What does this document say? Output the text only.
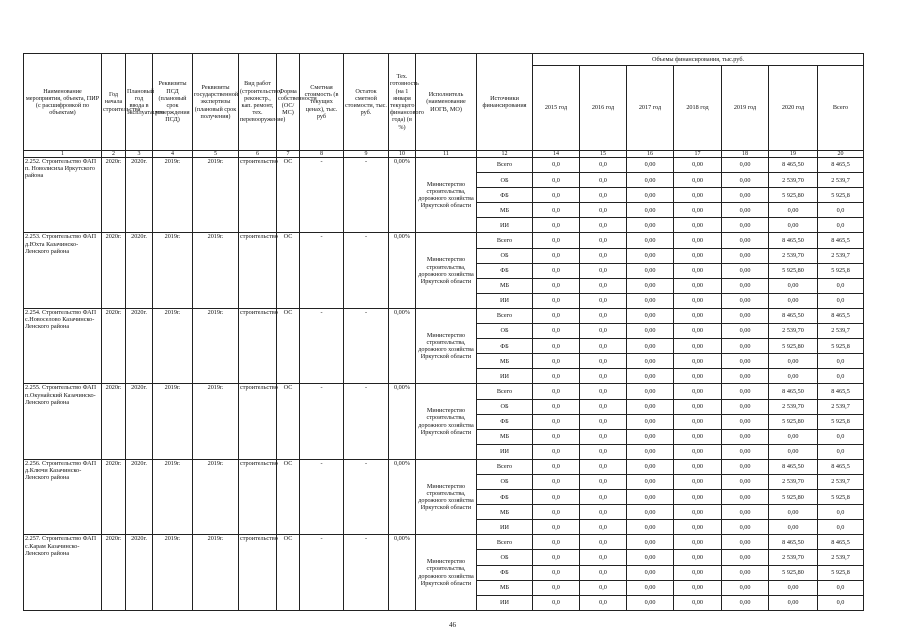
Наименование мероприятия, объекта, ПИР (с расшифровкой по объектам)	Год начала строительства	Плановый год ввода в эксплуатацию	Реквизиты ПСД (плановый срок утверждения ПСД)	Реквизиты государственной экспертизы (плановый срок получения)	Вид работ (строительство, реконстр., кап. ремонт, тех. перевооружение)	Форма собственности (ОС/МС)	Сметная стоимость (в текущих ценах), тыс. руб	Остаток сметной стоимости, тыс. руб.	Тех. готовность (на 1 января текущего финансового года) (в %)	Исполнитель (наименование ИОГВ, МО)	Источники финансирования	Объемы финансирования, тыс.руб.						
												2015 год	2016 год	2017 год	2018 год	2019 год	2020 год	Всего
1	2	3	4	5	6	7	8	9	10	11	12	14	15	16	17	18	19	20
2.252. Строительство ФАП п. Новолисиха Иркутского района	2020г.	2020г.	2019г.	2019г.	строительство	ОС	-	-	0,00%	Министерство строительства, дорожного хозяйства Иркутской области	Всего	0,0	0,0	0,00	0,00	0,00	8 465,50	8 465,5
											ОБ	0,0	0,0	0,00	0,00	0,00	2 539,70	2 539,7
											ФБ	0,0	0,0	0,00	0,00	0,00	5 925,80	5 925,8
											МБ	0,0	0,0	0,00	0,00	0,00	0,00	0,0
											ИИ	0,0	0,0	0,00	0,00	0,00	0,00	0,0
2.253. Строительство ФАП д.Юхта Казачинско-Ленского района	2020г.	2020г.	2019г.	2019г.	строительство	ОС	-	-	0,00%	Министерство строительства, дорожного хозяйства Иркутской области	Всего	0,0	0,0	0,00	0,00	0,00	8 465,50	8 465,5
											ОБ	0,0	0,0	0,00	0,00	0,00	2 539,70	2 539,7
											ФБ	0,0	0,0	0,00	0,00	0,00	5 925,80	5 925,8
											МБ	0,0	0,0	0,00	0,00	0,00	0,00	0,0
											ИИ	0,0	0,0	0,00	0,00	0,00	0,00	0,0
2.254. Строительство ФАП с.Новоселово Казачинско-Ленского района	2020г.	2020г.	2019г.	2019г.	строительство	ОС	-	-	0,00%	Министерство строительства, дорожного хозяйства Иркутской области	Всего	0,0	0,0	0,00	0,00	0,00	8 465,50	8 465,5
											ОБ	0,0	0,0	0,00	0,00	0,00	2 539,70	2 539,7
											ФБ	0,0	0,0	0,00	0,00	0,00	5 925,80	5 925,8
											МБ	0,0	0,0	0,00	0,00	0,00	0,00	0,0
											ИИ	0,0	0,0	0,00	0,00	0,00	0,00	0,0
2.255. Строительство ФАП п.Окунайский Казачинско-Ленского района	2020г.	2020г.	2019г.	2019г.	строительство	ОС	-	-	0,00%	Министерство строительства, дорожного хозяйства Иркутской области	Всего	0,0	0,0	0,00	0,00	0,00	8 465,50	8 465,5
											ОБ	0,0	0,0	0,00	0,00	0,00	2 539,70	2 539,7
											ФБ	0,0	0,0	0,00	0,00	0,00	5 925,80	5 925,8
											МБ	0,0	0,0	0,00	0,00	0,00	0,00	0,0
											ИИ	0,0	0,0	0,00	0,00	0,00	0,00	0,0
2.256. Строительство ФАП д.Ключи Казачинско-Ленского района	2020г.	2020г.	2019г.	2019г.	строительство	ОС	-	-	0,00%	Министерство строительства, дорожного хозяйства Иркутской области	Всего	0,0	0,0	0,00	0,00	0,00	8 465,50	8 465,5
											ОБ	0,0	0,0	0,00	0,00	0,00	2 539,70	2 539,7
											ФБ	0,0	0,0	0,00	0,00	0,00	5 925,80	5 925,8
											МБ	0,0	0,0	0,00	0,00	0,00	0,00	0,0
											ИИ	0,0	0,0	0,00	0,00	0,00	0,00	0,0
2.257. Строительство ФАП с.Карам Казачинско-Ленского района	2020г.	2020г.	2019г.	2019г.	строительство	ОС	-	-	0,00%	Министерство строительства, дорожного хозяйства Иркутской области	Всего	0,0	0,0	0,00	0,00	0,00	8 465,50	8 465,5
											ОБ	0,0	0,0	0,00	0,00	0,00	2 539,70	2 539,7
											ФБ	0,0	0,0	0,00	0,00	0,00	5 925,80	5 925,8
											МБ	0,0	0,0	0,00	0,00	0,00	0,00	0,0
											ИИ	0,0	0,0	0,00	0,00	0,00	0,00	0,0
46
